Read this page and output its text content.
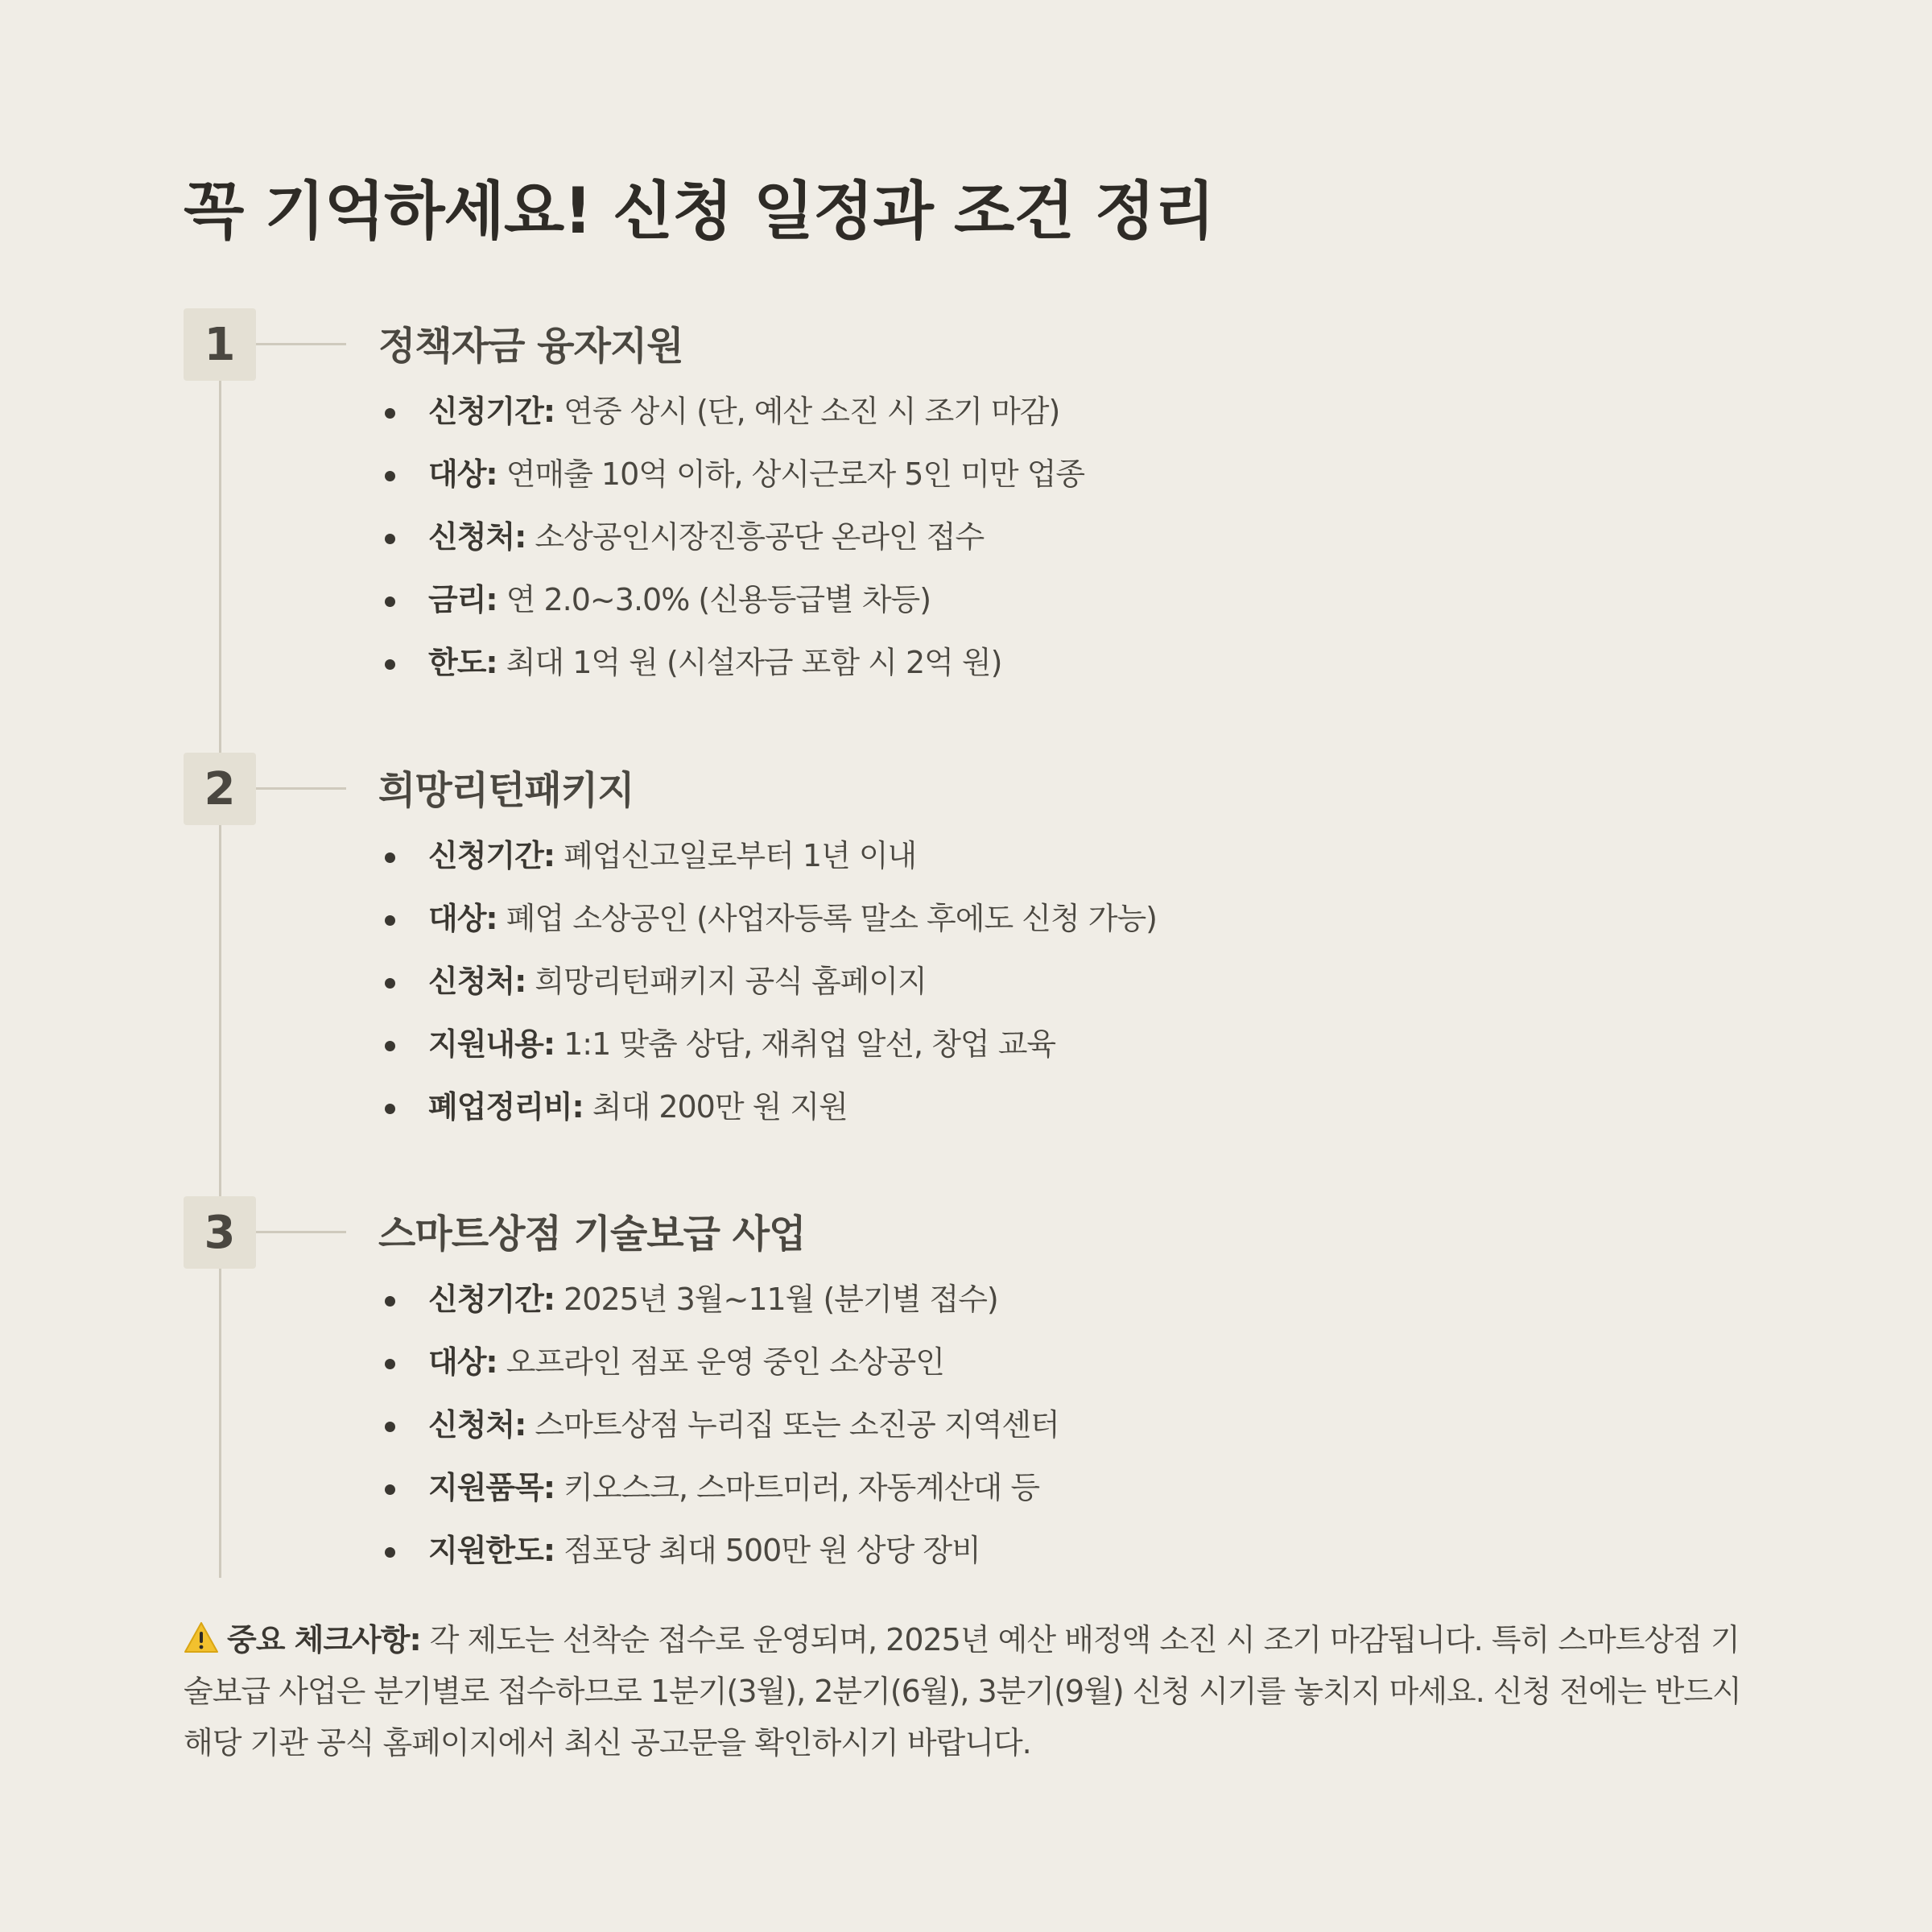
꼭 기억하세요! 신청 일정과 조건 정리
1	정책자금 융자지원
신청기간: 연중 상시 (단, 예산 소진 시 조기 마감)
대상: 연매출 10억 이하, 상시근로자 5인 미만 업종
신청처: 소상공인시장진흥공단 온라인 접수
금리: 연 2.0~3.0% (신용등급별 차등)
한도: 최대 1억 원 (시설자금 포함 시 2억 원)
2	희망리턴패키지
신청기간: 폐업신고일로부터 1년 이내
대상: 폐업 소상공인 (사업자등록 말소 후에도 신청 가능)
신청처: 희망리턴패키지 공식 홈페이지
지원내용: 1:1 맞춤 상담, 재취업 알선, 창업 교육
폐업정리비: 최대 200만 원 지원
3	스마트상점 기술보급 사업
신청기간: 2025년 3월~11월 (분기별 접수)
대상: 오프라인 점포 운영 중인 소상공인
신청처: 스마트상점 누리집 또는 소진공 지역센터
지원품목: 키오스크, 스마트미러, 자동계산대 등
지원한도: 점포당 최대 500만 원 상당 장비

중요 체크사항: 각 제도는 선착순 접수로 운영되며, 2025년 예산 배정액 소진 시 조기 마감됩니다. 특히 스마트상점 기술보급 사업은 분기별로 접수하므로 1분기(3월), 2분기(6월), 3분기(9월) 신청 시기를 놓치지 마세요. 신청 전에는 반드시 해당 기관 공식 홈페이지에서 최신 공고문을 확인하시기 바랍니다.
